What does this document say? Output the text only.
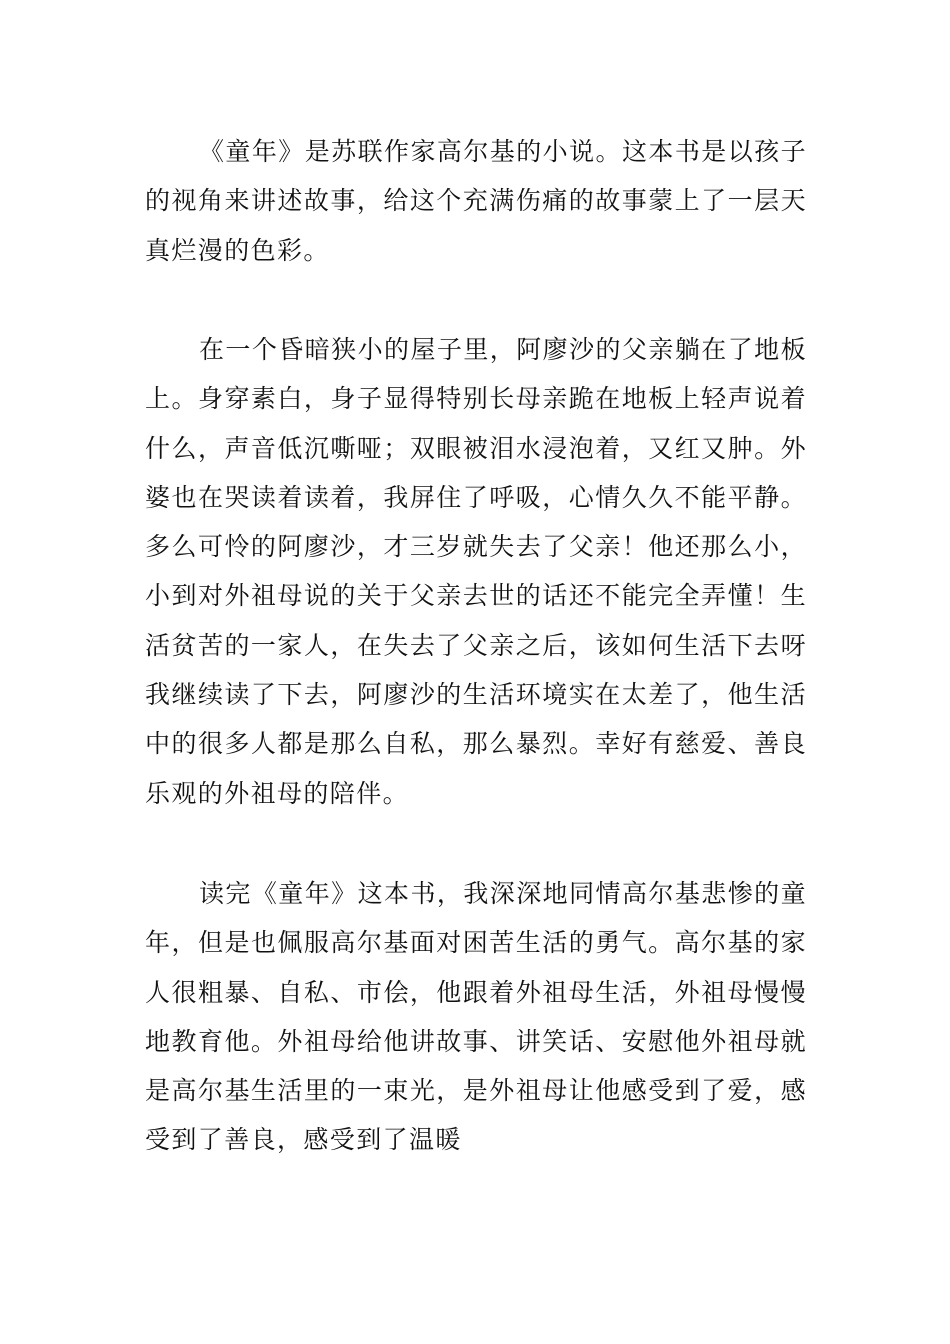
《童年》是苏联作家高尔基的小说。这本书是以孩子的视角来讲述故事，给这个充满伤痛的故事蒙上了一层天真烂漫的色彩。

在一个昏暗狭小的屋子里，阿廖沙的父亲躺在了地板上。身穿素白，身子显得特别长母亲跪在地板上轻声说着什么，声音低沉嘶哑；双眼被泪水浸泡着，又红又肿。外婆也在哭读着读着，我屏住了呼吸，心情久久不能平静。多么可怜的阿廖沙，才三岁就失去了父亲！他还那么小，小到对外祖母说的关于父亲去世的话还不能完全弄懂！生活贫苦的一家人，在失去了父亲之后，该如何生活下去呀我继续读了下去，阿廖沙的生活环境实在太差了，他生活中的很多人都是那么自私，那么暴烈。幸好有慈爱、善良乐观的外祖母的陪伴。

读完《童年》这本书，我深深地同情高尔基悲惨的童年，但是也佩服高尔基面对困苦生活的勇气。高尔基的家人很粗暴、自私、市侩，他跟着外祖母生活，外祖母慢慢地教育他。外祖母给他讲故事、讲笑话、安慰他外祖母就是高尔基生活里的一束光，是外祖母让他感受到了爱，感受到了善良，感受到了温暖
